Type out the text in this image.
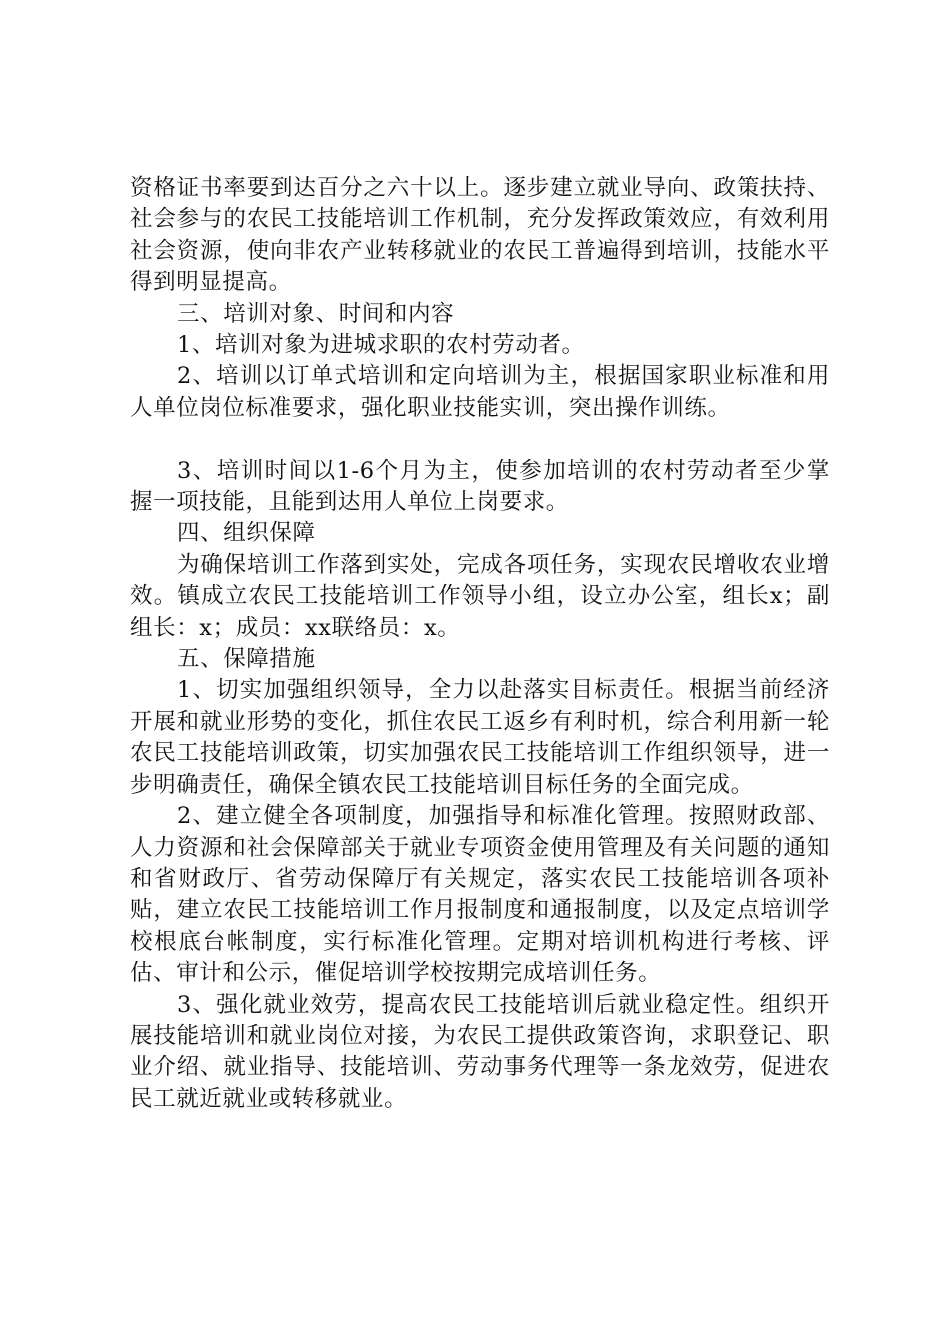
资格证书率要到达百分之六十以上。逐步建立就业导向、政策扶持、社会参与的农民工技能培训工作机制，充分发挥政策效应，有效利用社会资源，使向非农产业转移就业的农民工普遍得到培训，技能水平得到明显提高。

三、培训对象、时间和内容

1、培训对象为进城求职的农村劳动者。

2、培训以订单式培训和定向培训为主，根据国家职业标准和用人单位岗位标准要求，强化职业技能实训，突出操作训练。

3、培训时间以1-6个月为主，使参加培训的农村劳动者至少掌握一项技能，且能到达用人单位上岗要求。

四、组织保障

为确保培训工作落到实处，完成各项任务，实现农民增收农业增效。镇成立农民工技能培训工作领导小组，设立办公室，组长x；副组长：x；成员：xx联络员：x。

五、保障措施

1、切实加强组织领导，全力以赴落实目标责任。根据当前经济开展和就业形势的变化，抓住农民工返乡有利时机，综合利用新一轮农民工技能培训政策，切实加强农民工技能培训工作组织领导，进一步明确责任，确保全镇农民工技能培训目标任务的全面完成。

2、建立健全各项制度，加强指导和标准化管理。按照财政部、人力资源和社会保障部关于就业专项资金使用管理及有关问题的通知和省财政厅、省劳动保障厅有关规定，落实农民工技能培训各项补贴，建立农民工技能培训工作月报制度和通报制度，以及定点培训学校根底台帐制度，实行标准化管理。定期对培训机构进行考核、评估、审计和公示，催促培训学校按期完成培训任务。

3、强化就业效劳，提高农民工技能培训后就业稳定性。组织开展技能培训和就业岗位对接，为农民工提供政策咨询，求职登记、职业介绍、就业指导、技能培训、劳动事务代理等一条龙效劳，促进农民工就近就业或转移就业。
